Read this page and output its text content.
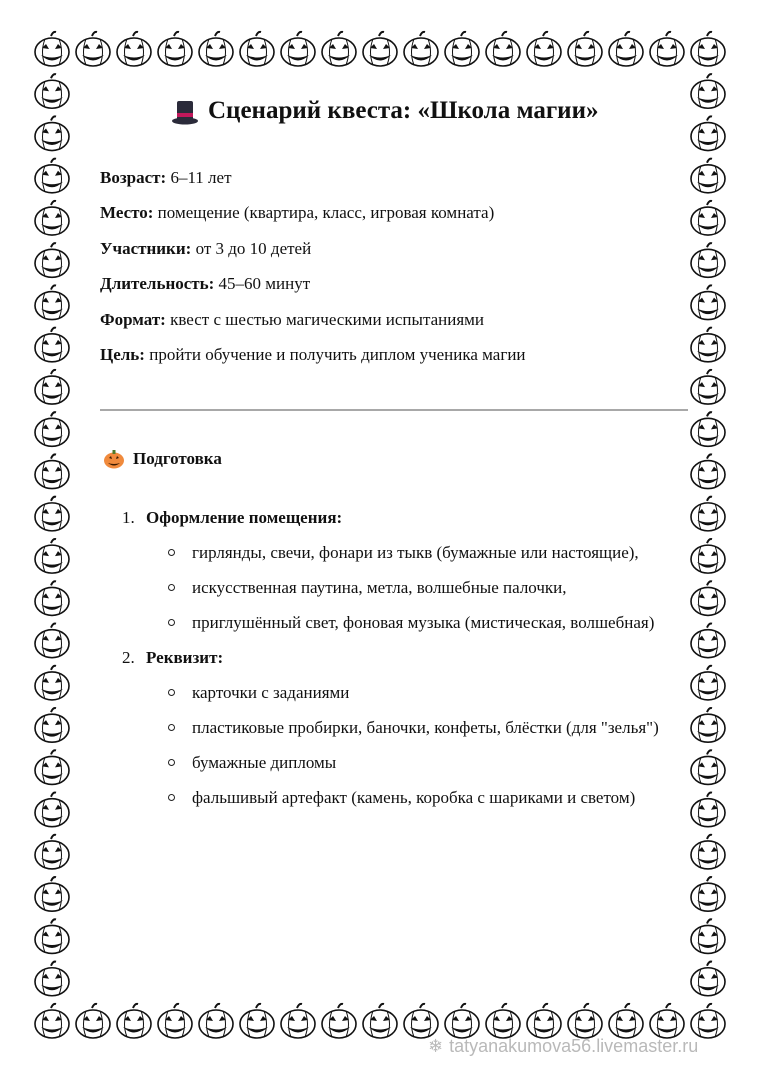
Сценарий квеста: «Школа магии»
Возраст: 6–11 лет
Место: помещение (квартира, класс, игровая комната)
Участники: от 3 до 10 детей
Длительность: 45–60 минут
Формат: квест с шестью магическими испытаниями
Цель: пройти обучение и получить диплом ученика магии
Подготовка
1. Оформление помещения:
гирлянды, свечи, фонари из тыкв (бумажные или настоящие),
искусственная паутина, метла, волшебные палочки,
приглушённый свет, фоновая музыка (мистическая, волшебная)
2. Реквизит:
карточки с заданиями
пластиковые пробирки, баночки, конфеты, блёстки (для "зелья")
бумажные дипломы
фальшивый артефакт (камень, коробка с шариками и светом)
❄ tatyanakumova56.livemaster.ru
